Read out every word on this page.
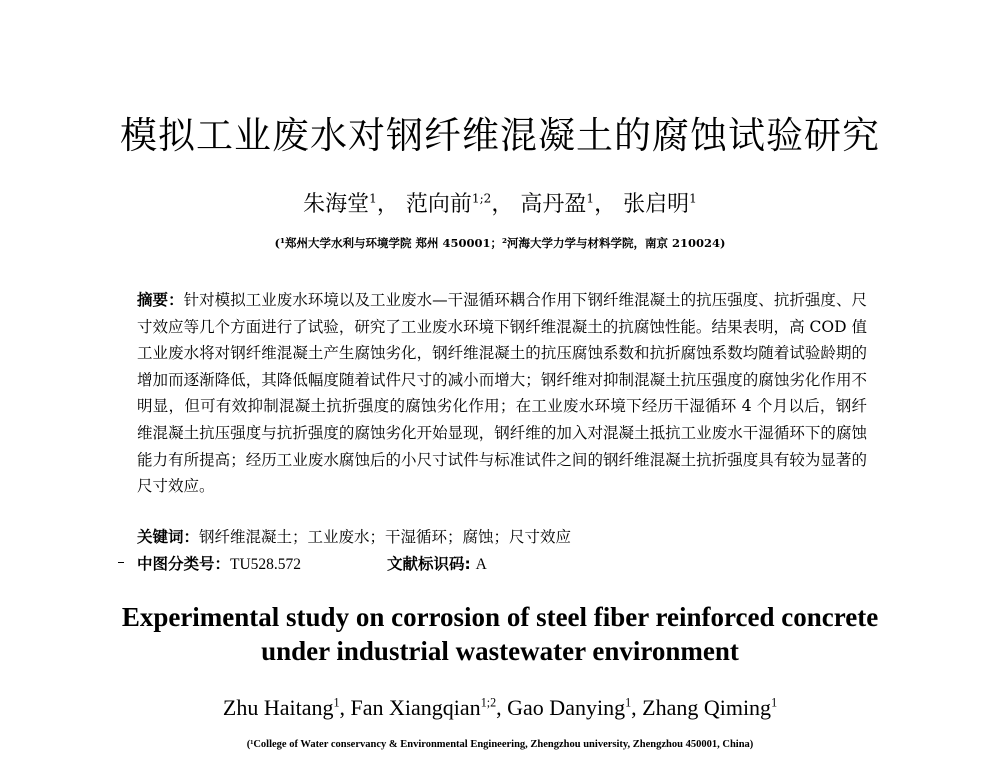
模拟工业废水对钢纤维混凝土的腐蚀试验研究
朱海堂$^1$， 范向前$^{1;2}$， 高丹盈$^1$， 张启明$^1$
(¹郑州大学水利与环境学院 郑州 450001；²河海大学力学与材料学院，南京 210024)
摘要：针对模拟工业废水环境以及工业废水—干湿循环耦合作用下钢纤维混凝土的抗压强度、抗折强度、尺寸效应等几个方面进行了试验，研究了工业废水环境下钢纤维混凝土的抗腐蚀性能。结果表明，高 COD 值工业废水将对钢纤维混凝土产生腐蚀劣化，钢纤维混凝土的抗压腐蚀系数和抗折腐蚀系数均随着试验龄期的增加而逐渐降低，其降低幅度随着试件尺寸的减小而增大；钢纤维对抑制混凝土抗压强度的腐蚀劣化作用不明显，但可有效抑制混凝土抗折强度的腐蚀劣化作用；在工业废水环境下经历干湿循环 4 个月以后，钢纤维混凝土抗压强度与抗折强度的腐蚀劣化开始显现，钢纤维的加入对混凝土抵抗工业废水干湿循环下的腐蚀能力有所提高；经历工业废水腐蚀后的小尺寸试件与标准试件之间的钢纤维混凝土抗折强度具有较为显著的尺寸效应。
关键词：钢纤维混凝土；工业废水；干湿循环；腐蚀；尺寸效应
中图分类号：TU528.572	文献标识码: A
Experimental study on corrosion of steel fiber reinforced concrete
under industrial wastewater environment
Zhu Haitang$^1$, Fan Xiangqian$^{1;2}$, Gao Danying$^1$, Zhang Qiming$^1$
(¹College of Water conservancy & Environmental Engineering, Zhengzhou university, Zhengzhou 450001, China)
